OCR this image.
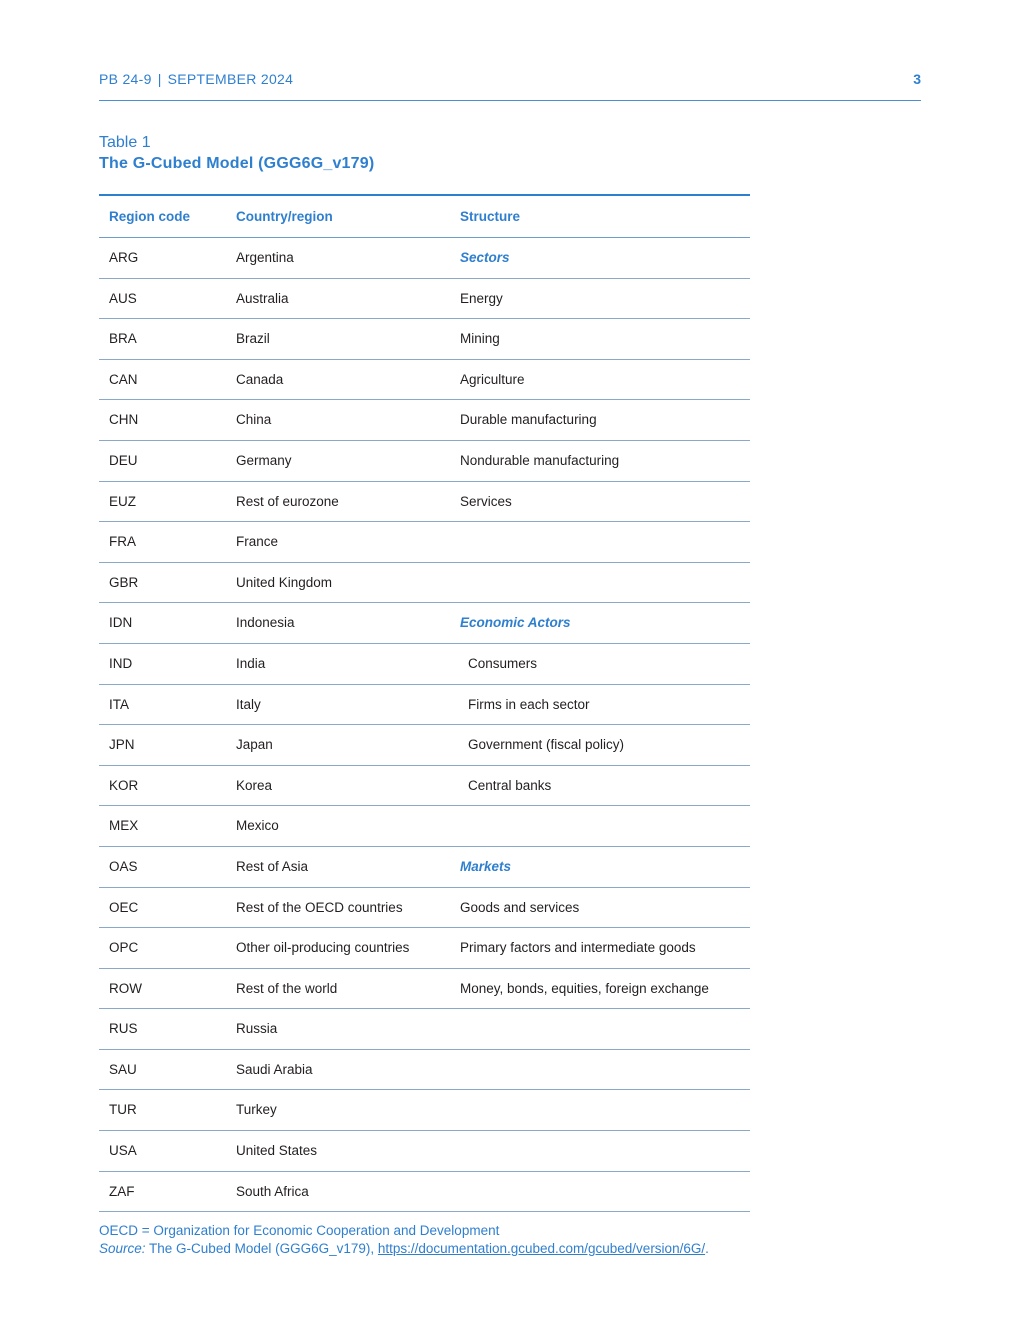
PB 24-9 | SEPTEMBER 2024	3
Table 1
The G-Cubed Model (GGG6G_v179)
Region code	Country/region	Structure
ARG	Argentina	Sectors
AUS	Australia	Energy
BRA	Brazil	Mining
CAN	Canada	Agriculture
CHN	China	Durable manufacturing
DEU	Germany	Nondurable manufacturing
EUZ	Rest of eurozone	Services
FRA	France
GBR	United Kingdom
IDN	Indonesia	Economic Actors
IND	India	Consumers
ITA	Italy	Firms in each sector
JPN	Japan	Government (fiscal policy)
KOR	Korea	Central banks
MEX	Mexico
OAS	Rest of Asia	Markets
OEC	Rest of the OECD countries	Goods and services
OPC	Other oil-producing countries	Primary factors and intermediate goods
ROW	Rest of the world	Money, bonds, equities, foreign exchange
RUS	Russia
SAU	Saudi Arabia
TUR	Turkey
USA	United States
ZAF	South Africa
OECD = Organization for Economic Cooperation and Development
Source: The G-Cubed Model (GGG6G_v179), https://documentation.gcubed.com/gcubed/version/6G/.
